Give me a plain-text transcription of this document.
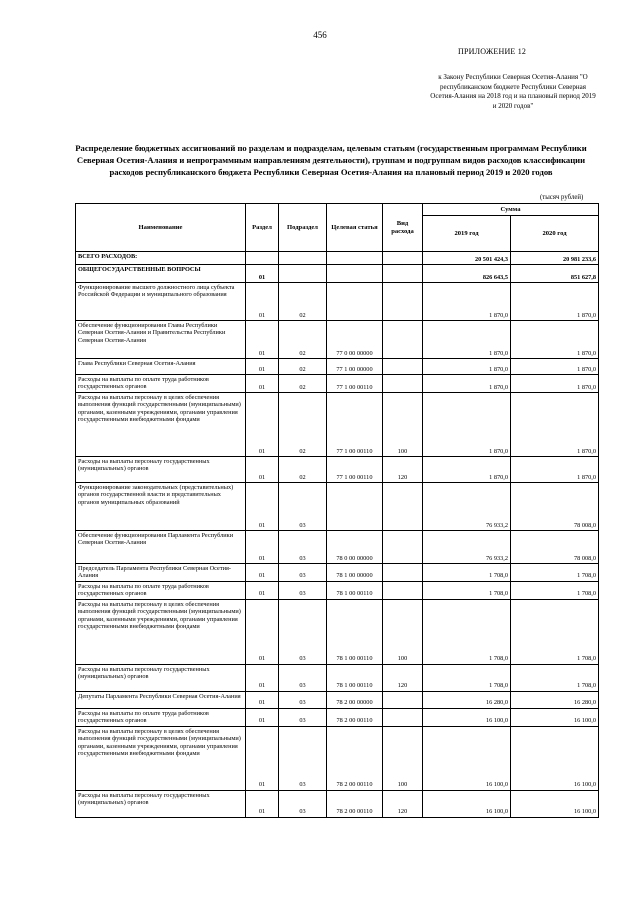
456
ПРИЛОЖЕНИЕ 12
к Закону Республики Северная Осетия-Алания "О республиканском бюджете Республики Северная Осетия-Алания на 2018 год и на плановый период 2019 и 2020 годов"
Распределение бюджетных ассигнований по разделам и подразделам, целевым статьям (государственным программам Республики Северная Осетия-Алания и непрограммным направлениям деятельности), группам и подгруппам видов расходов классификации расходов республиканского бюджета Республики Северная Осетия-Алания на плановый период 2019 и 2020 годов
(тысяч рублей)
Наименование	Раздел	Подраздел	Целевая статья	Вид расхода	Сумма	
					2019 год	2020 год
ВСЕГО РАСХОДОВ:					20 501 424,3	20 981 233,6
ОБЩЕГОСУДАРСТВЕННЫЕ ВОПРОСЫ	01				826 643,5	851 627,8
Функционирование высшего должностного лица субъекта Российской Федерации и муниципального образования	01	02			1 870,0	1 870,0
Обеспечение функционирования Главы Республики Северная Осетия-Алания и Правительства Республики Северная Осетия-Алания	01	02	77 0 00 00000		1 870,0	1 870,0
Глава Республики Северная Осетия-Алания	01	02	77 1 00 00000		1 870,0	1 870,0
Расходы на выплаты по оплате труда работников государственных органов	01	02	77 1 00 00110		1 870,0	1 870,0
Расходы на выплаты персоналу в целях обеспечения выполнения функций государственными (муниципальными) органами, казенными учреждениями, органами управления государственными внебюджетными фондами	01	02	77 1 00 00110	100	1 870,0	1 870,0
Расходы на выплаты персоналу государственных (муниципальных) органов	01	02	77 1 00 00110	120	1 870,0	1 870,0
Функционирование законодательных (представительных) органов государственной власти и представительных органов муниципальных образований	01	03			76 933,2	78 008,0
Обеспечение функционирования Парламента Республики Северная Осетия-Алания	01	03	78 0 00 00000		76 933,2	78 008,0
Председатель Парламента Республики Северная Осетия-Алания	01	03	78 1 00 00000		1 708,0	1 708,0
Расходы на выплаты по оплате труда работников государственных органов	01	03	78 1 00 00110		1 708,0	1 708,0
Расходы на выплаты персоналу в целях обеспечения выполнения функций государственными (муниципальными) органами, казенными учреждениями, органами управления государственными внебюджетными фондами	01	03	78 1 00 00110	100	1 708,0	1 708,0
Расходы на выплаты персоналу государственных (муниципальных) органов	01	03	78 1 00 00110	120	1 708,0	1 708,0
Депутаты Парламента Республики Северная Осетия-Алания	01	03	78 2 00 00000		16 280,0	16 280,0
Расходы на выплаты по оплате труда работников государственных органов	01	03	78 2 00 00110		16 100,0	16 100,0
Расходы на выплаты персоналу в целях обеспечения выполнения функций государственными (муниципальными) органами, казенными учреждениями, органами управления государственными внебюджетными фондами	01	03	78 2 00 00110	100	16 100,0	16 100,0
Расходы на выплаты персоналу государственных (муниципальных) органов	01	03	78 2 00 00110	120	16 100,0	16 100,0
